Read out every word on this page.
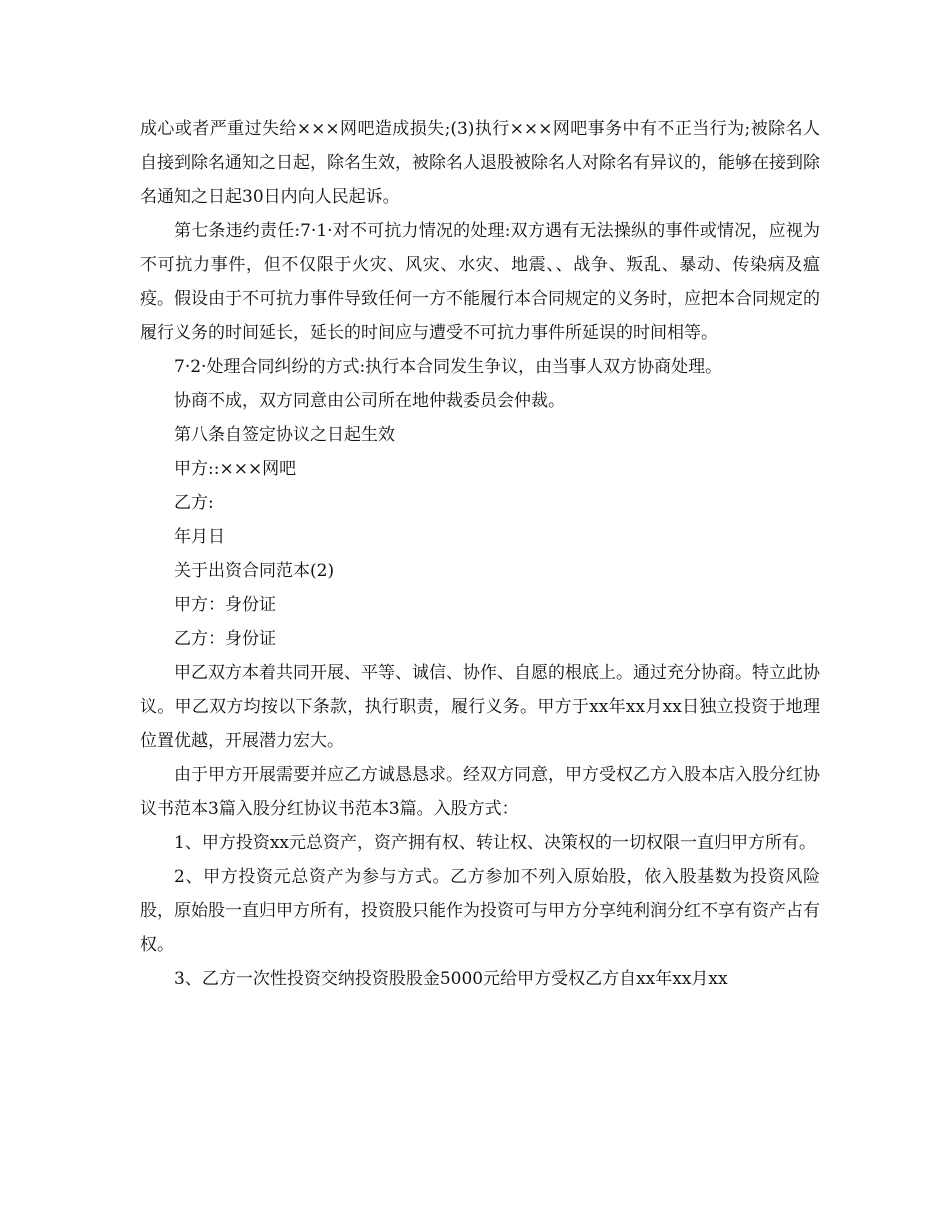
成心或者严重过失给×××网吧造成损失;(3)执行×××网吧事务中有不正当行为;被除名人自接到除名通知之日起，除名生效，被除名人退股被除名人对除名有异议的，能够在接到除名通知之日起30日内向人民起诉。

第七条违约责任:7·1·对不可抗力情况的处理:双方遇有无法操纵的事件或情况，应视为不可抗力事件，但不仅限于火灾、风灾、水灾、地震、、战争、叛乱、暴动、传染病及瘟疫。假设由于不可抗力事件导致任何一方不能履行本合同规定的义务时，应把本合同规定的履行义务的时间延长，延长的时间应与遭受不可抗力事件所延误的时间相等。

7·2·处理合同纠纷的方式:执行本合同发生争议，由当事人双方协商处理。

协商不成，双方同意由公司所在地仲裁委员会仲裁。

第八条自签定协议之日起生效

甲方::×××网吧

乙方:

年月日

关于出资合同范本(2)

甲方：身份证

乙方：身份证

甲乙双方本着共同开展、平等、诚信、协作、自愿的根底上。通过充分协商。特立此协议。甲乙双方均按以下条款，执行职责，履行义务。甲方于xx年xx月xx日独立投资于地理位置优越，开展潜力宏大。

由于甲方开展需要并应乙方诚恳恳求。经双方同意，甲方受权乙方入股本店入股分红协议书范本3篇入股分红协议书范本3篇。入股方式：

1、甲方投资xx元总资产，资产拥有权、转让权、决策权的一切权限一直归甲方所有。

2、甲方投资元总资产为参与方式。乙方参加不列入原始股，依入股基数为投资风险股，原始股一直归甲方所有，投资股只能作为投资可与甲方分享纯利润分红不享有资产占有权。

3、乙方一次性投资交纳投资股股金5000元给甲方受权乙方自xx年xx月xx
